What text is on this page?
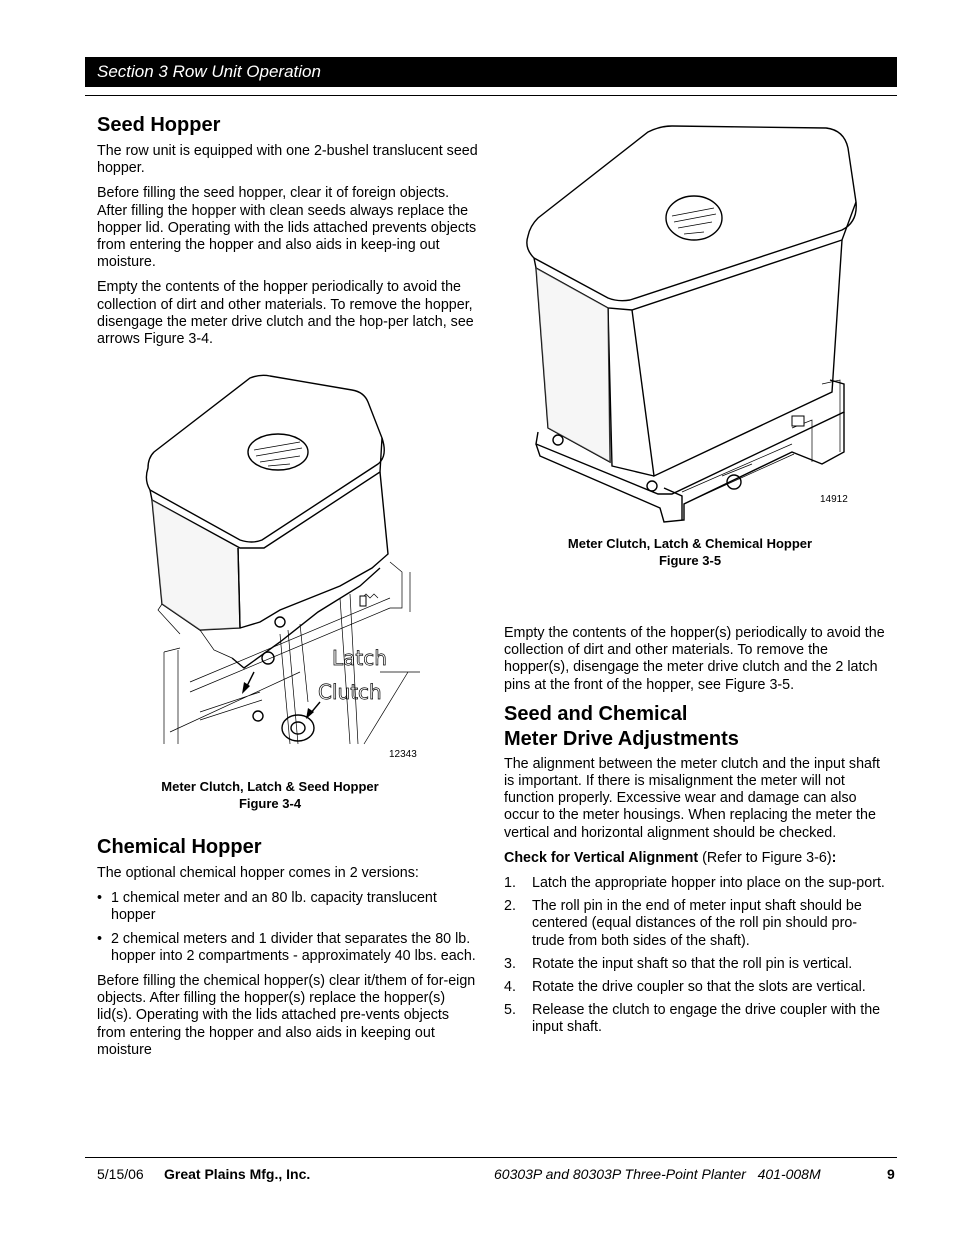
Section 3 Row Unit Operation
Seed Hopper

The row unit is equipped with one 2-bushel translucent seed hopper.

Before filling the seed hopper, clear it of foreign objects. After filling the hopper with clean seeds always replace the hopper lid. Operating with the lids attached prevents objects from entering the hopper and also aids in keep-ing out moisture.

Empty the contents of the hopper periodically to avoid the collection of dirt and other materials. To remove the hopper, disengage the meter drive clutch and the hop-per latch, see arrows Figure 3-4.

Latch
Clutch
12343
Meter Clutch, Latch & Seed Hopper
Figure 3-4
Chemical Hopper

The optional chemical hopper comes in 2 versions:

• 1 chemical meter and an 80 lb. capacity translucent hopper
• 2 chemical meters and 1 divider that separates the 80 lb. hopper into 2 compartments - approximately 40 lbs. each.

Before filling the chemical hopper(s) clear it/them of for-eign objects. After filling the hopper(s) replace the hopper(s) lid(s). Operating with the lids attached pre-vents objects from entering the hopper and also aids in keeping out moisture

14912
Meter Clutch, Latch & Chemical Hopper
Figure 3-5

Empty the contents of the hopper(s) periodically to avoid the collection of dirt and other materials. To remove the hopper(s), disengage the meter drive clutch and the 2 latch pins at the front of the hopper, see Figure 3-5.

Seed and Chemical
Meter Drive Adjustments

The alignment between the meter clutch and the input shaft is important. If there is misalignment the meter will not function properly. Excessive wear and damage can also occur to the meter housings. When replacing the meter the vertical and horizontal alignment should be checked.

Check for Vertical Alignment (Refer to Figure 3-6):

1. Latch the appropriate hopper into place on the sup-port.
2. The roll pin in the end of meter input shaft should be centered (equal distances of the roll pin should pro-trude from both sides of the shaft).
3. Rotate the input shaft so that the roll pin is vertical.
4. Rotate the drive coupler so that the slots are vertical.
5. Release the clutch to engage the drive coupler with the input shaft.
5/15/06 Great Plains Mfg., Inc.	60303P and 80303P Three-Point Planter   401-008M	9
